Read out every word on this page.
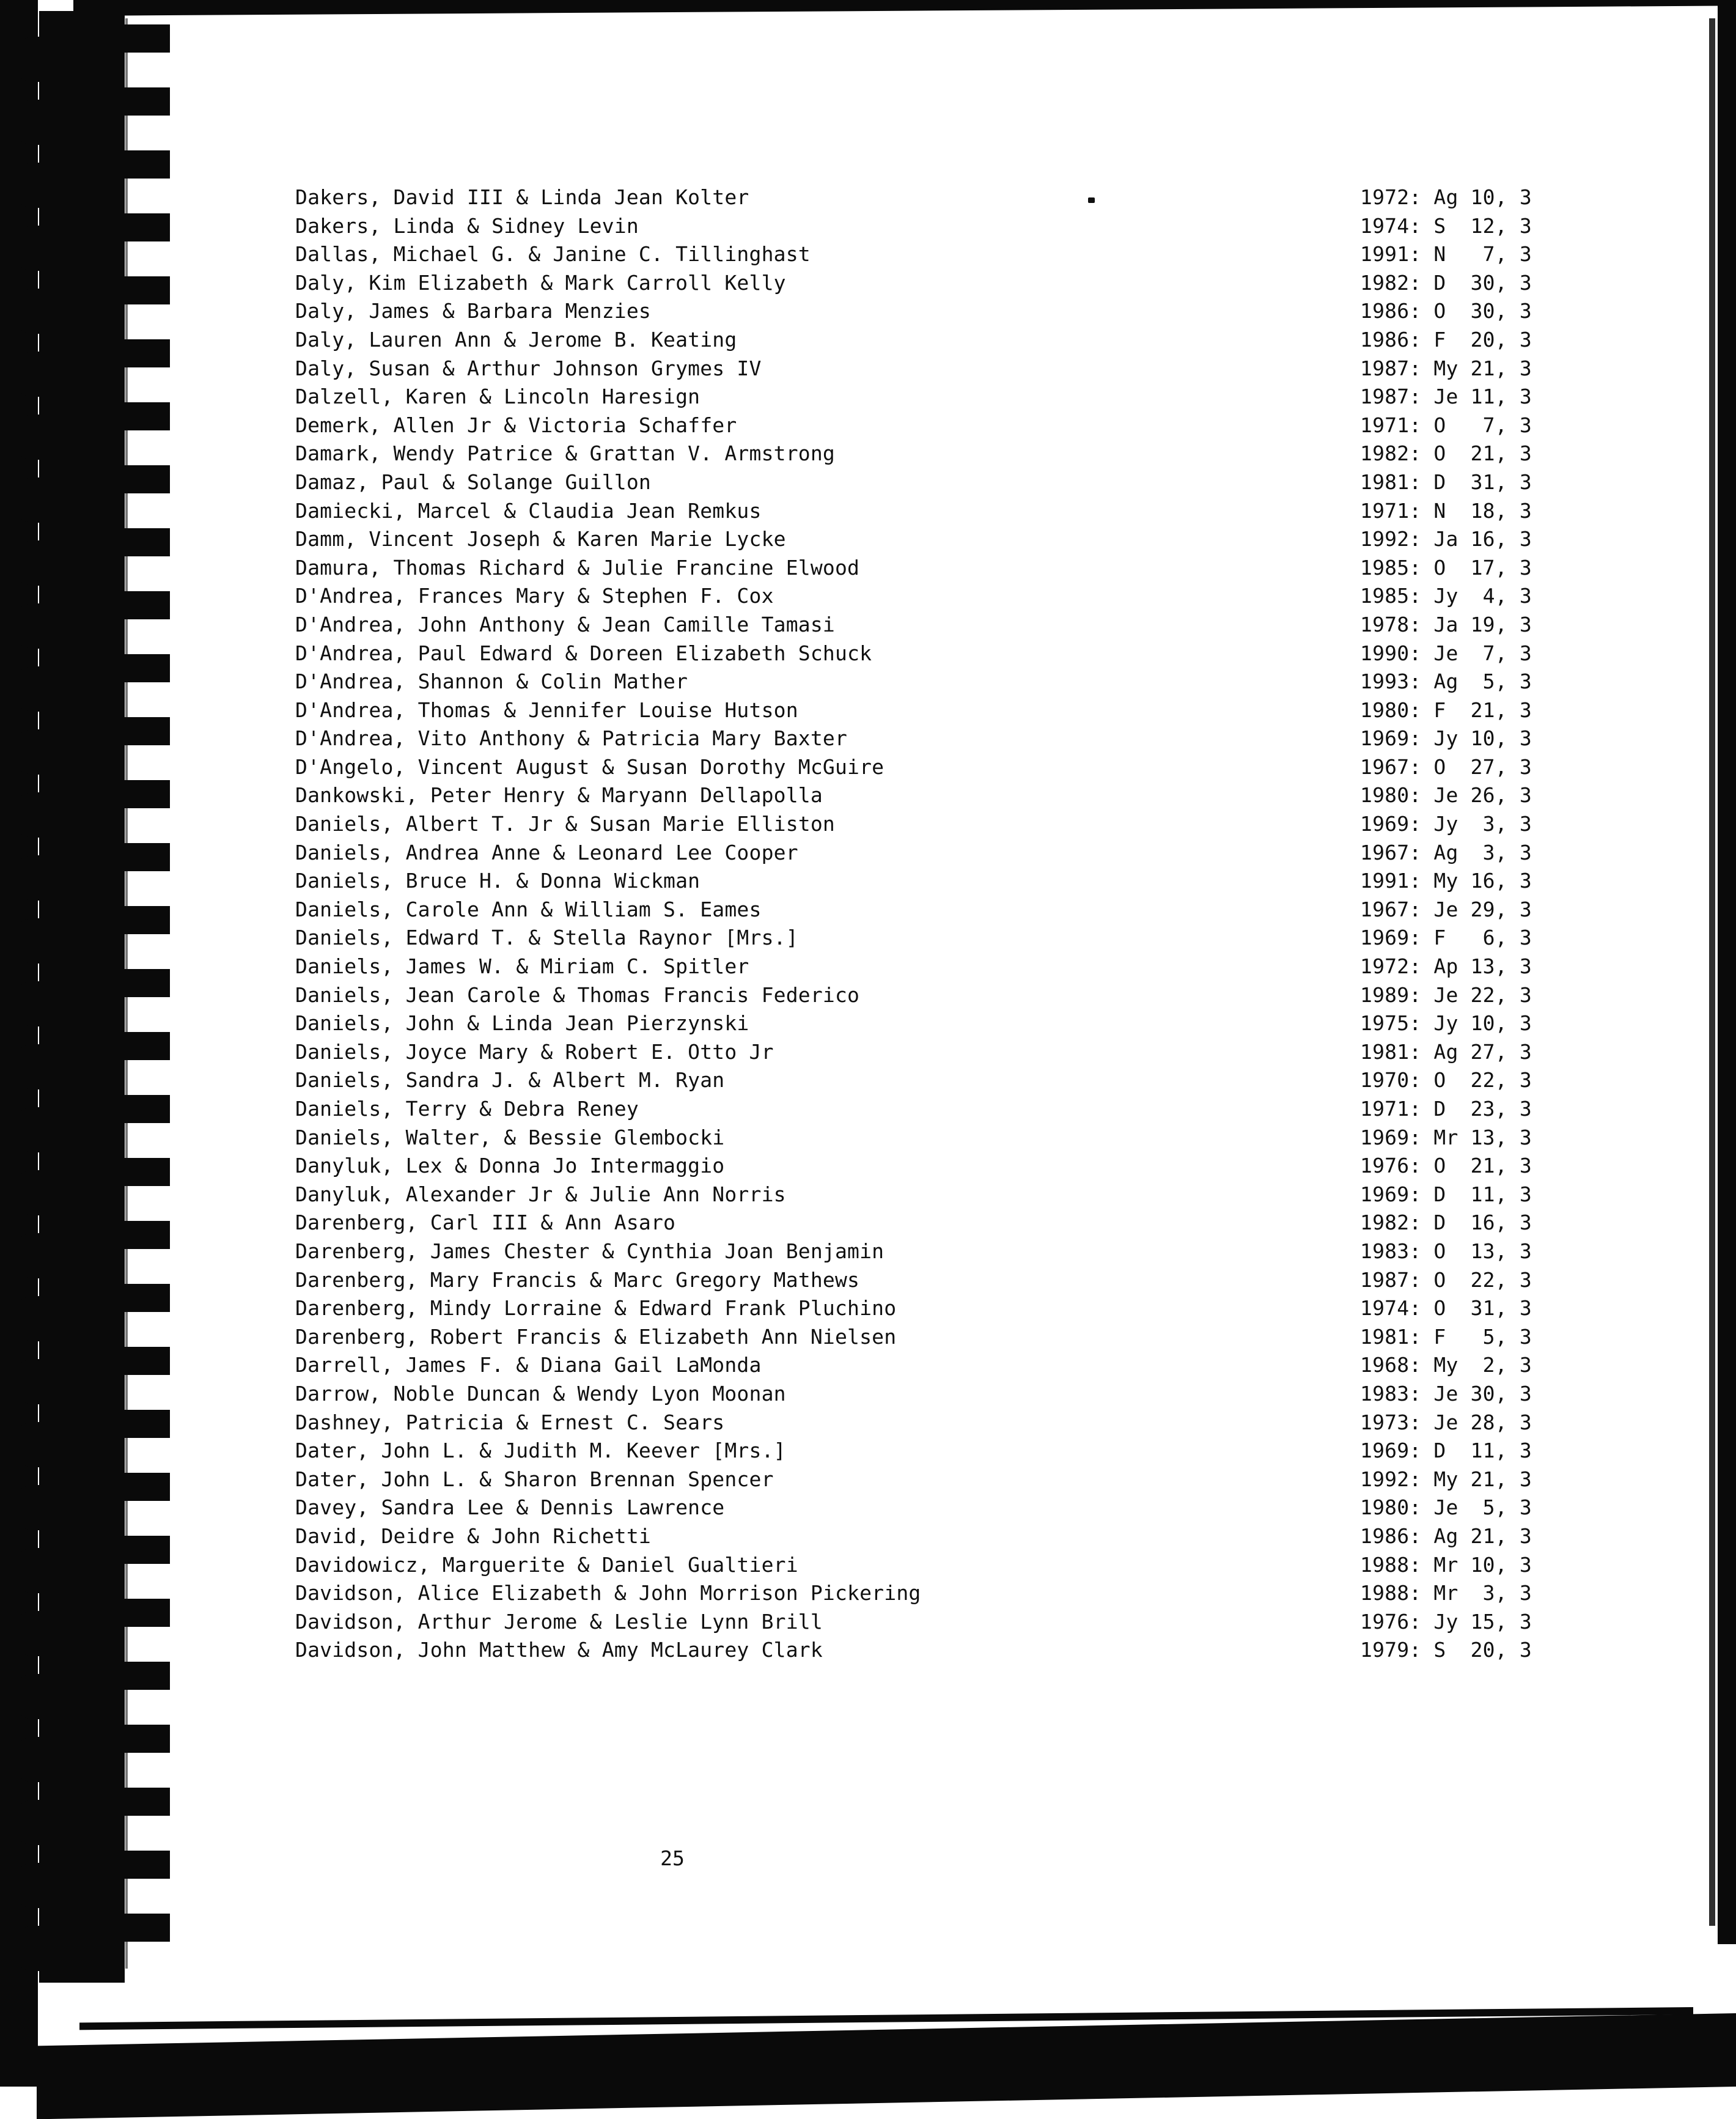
Dakers, David III & Linda Jean Kolter	1972: Ag 10, 3
Dakers, Linda & Sidney Levin	1974: S  12, 3
Dallas, Michael G. & Janine C. Tillinghast	1991: N   7, 3
Daly, Kim Elizabeth & Mark Carroll Kelly	1982: D  30, 3
Daly, James & Barbara Menzies	1986: O  30, 3
Daly, Lauren Ann & Jerome B. Keating	1986: F  20, 3
Daly, Susan & Arthur Johnson Grymes IV	1987: My 21, 3
Dalzell, Karen & Lincoln Haresign	1987: Je 11, 3
Demerk, Allen Jr & Victoria Schaffer	1971: O   7, 3
Damark, Wendy Patrice & Grattan V. Armstrong	1982: O  21, 3
Damaz, Paul & Solange Guillon	1981: D  31, 3
Damiecki, Marcel & Claudia Jean Remkus	1971: N  18, 3
Damm, Vincent Joseph & Karen Marie Lycke	1992: Ja 16, 3
Damura, Thomas Richard & Julie Francine Elwood	1985: O  17, 3
D'Andrea, Frances Mary & Stephen F. Cox	1985: Jy  4, 3
D'Andrea, John Anthony & Jean Camille Tamasi	1978: Ja 19, 3
D'Andrea, Paul Edward & Doreen Elizabeth Schuck	1990: Je  7, 3
D'Andrea, Shannon & Colin Mather	1993: Ag  5, 3
D'Andrea, Thomas & Jennifer Louise Hutson	1980: F  21, 3
D'Andrea, Vito Anthony & Patricia Mary Baxter	1969: Jy 10, 3
D'Angelo, Vincent August & Susan Dorothy McGuire	1967: O  27, 3
Dankowski, Peter Henry & Maryann Dellapolla	1980: Je 26, 3
Daniels, Albert T. Jr & Susan Marie Elliston	1969: Jy  3, 3
Daniels, Andrea Anne & Leonard Lee Cooper	1967: Ag  3, 3
Daniels, Bruce H. & Donna Wickman	1991: My 16, 3
Daniels, Carole Ann & William S. Eames	1967: Je 29, 3
Daniels, Edward T. & Stella Raynor [Mrs.]	1969: F   6, 3
Daniels, James W. & Miriam C. Spitler	1972: Ap 13, 3
Daniels, Jean Carole & Thomas Francis Federico	1989: Je 22, 3
Daniels, John & Linda Jean Pierzynski	1975: Jy 10, 3
Daniels, Joyce Mary & Robert E. Otto Jr	1981: Ag 27, 3
Daniels, Sandra J. & Albert M. Ryan	1970: O  22, 3
Daniels, Terry & Debra Reney	1971: D  23, 3
Daniels, Walter, & Bessie Glembocki	1969: Mr 13, 3
Danyluk, Lex & Donna Jo Intermaggio	1976: O  21, 3
Danyluk, Alexander Jr & Julie Ann Norris	1969: D  11, 3
Darenberg, Carl III & Ann Asaro	1982: D  16, 3
Darenberg, James Chester & Cynthia Joan Benjamin	1983: O  13, 3
Darenberg, Mary Francis & Marc Gregory Mathews	1987: O  22, 3
Darenberg, Mindy Lorraine & Edward Frank Pluchino	1974: O  31, 3
Darenberg, Robert Francis & Elizabeth Ann Nielsen	1981: F   5, 3
Darrell, James F. & Diana Gail LaMonda	1968: My  2, 3
Darrow, Noble Duncan & Wendy Lyon Moonan	1983: Je 30, 3
Dashney, Patricia & Ernest C. Sears	1973: Je 28, 3
Dater, John L. & Judith M. Keever [Mrs.]	1969: D  11, 3
Dater, John L. & Sharon Brennan Spencer	1992: My 21, 3
Davey, Sandra Lee & Dennis Lawrence	1980: Je  5, 3
David, Deidre & John Richetti	1986: Ag 21, 3
Davidowicz, Marguerite & Daniel Gualtieri	1988: Mr 10, 3
Davidson, Alice Elizabeth & John Morrison Pickering	1988: Mr  3, 3
Davidson, Arthur Jerome & Leslie Lynn Brill	1976: Jy 15, 3
Davidson, John Matthew & Amy McLaurey Clark	1979: S  20, 3
25
